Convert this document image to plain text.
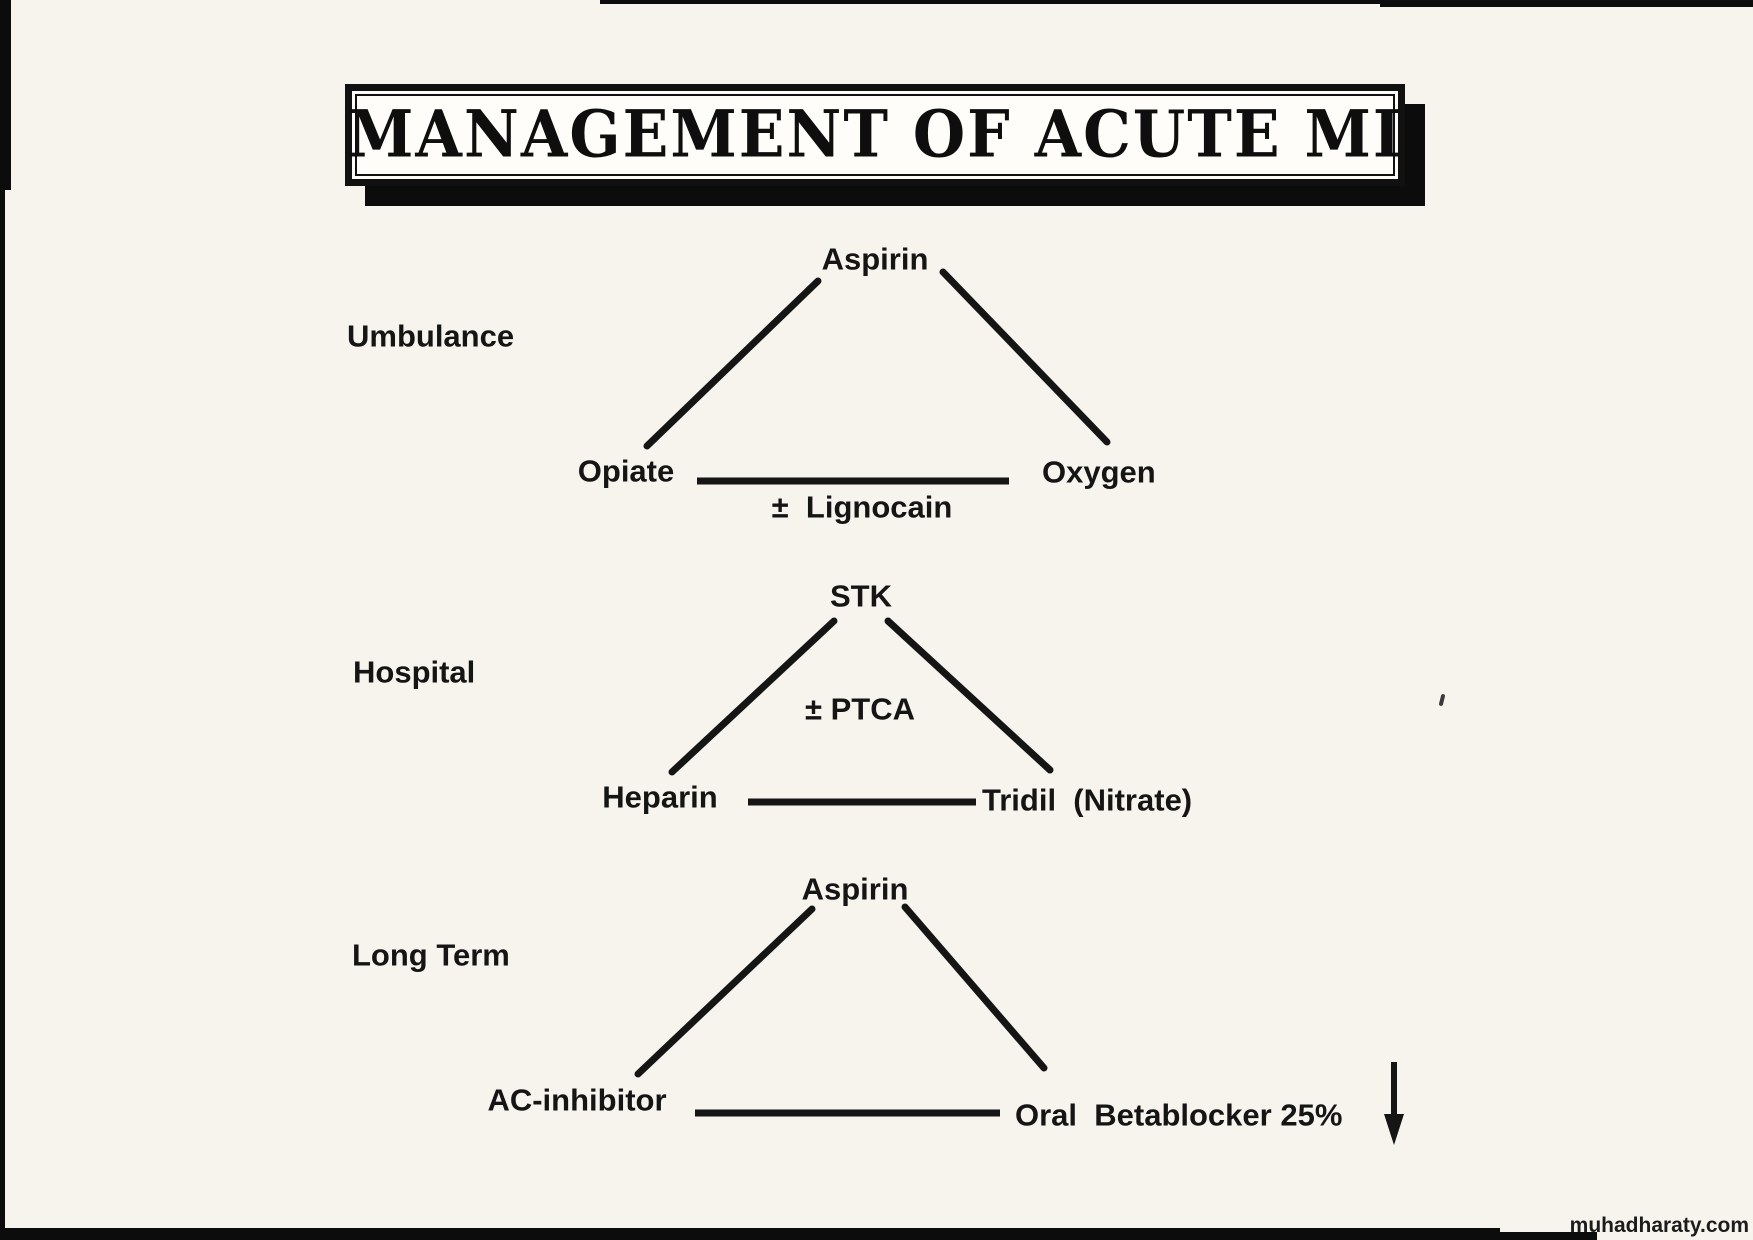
MANAGEMENT OF ACUTE MI
Aspirin
Umbulance
Opiate	Oxygen
±  Lignocain
STK
Hospital
± PTCA
Heparin	Tridil  (Nitrate)
Aspirin
Long Term
AC-inhibitor	Oral  Betablocker 25%
muhadharaty.com
